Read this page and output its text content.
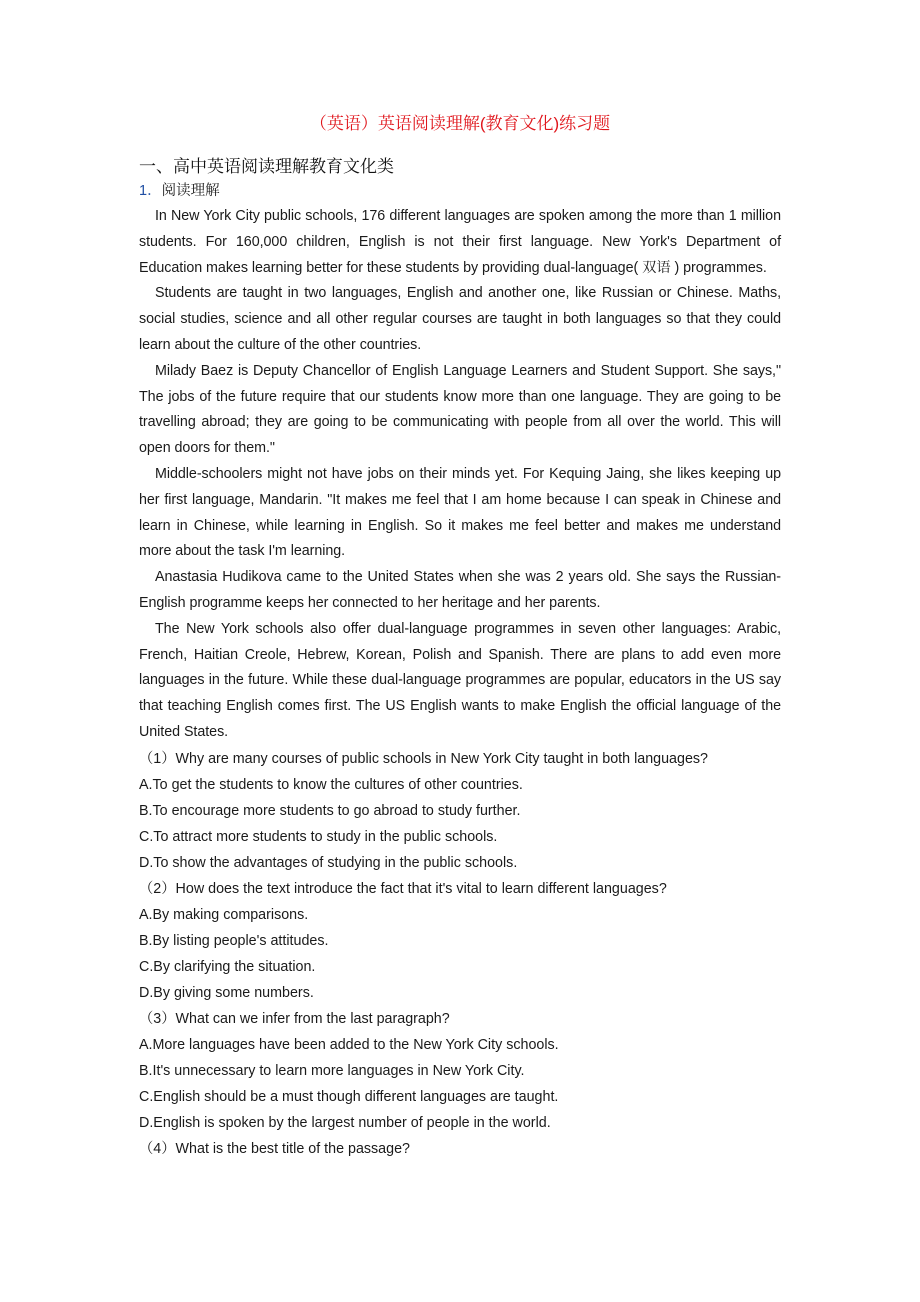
（英语）英语阅读理解(教育文化)练习题
一、高中英语阅读理解教育文化类

1．阅读理解

In New York City public schools, 176 different languages are spoken among the more than 1 million students. For 160,000 children, English is not their first language. New York's Department of Education makes learning better for these students by providing dual-language( 双语 ) programmes.

Students are taught in two languages, English and another one, like Russian or Chinese. Maths, social studies, science and all other regular courses are taught in both languages so that they could learn about the culture of the other countries.

Milady Baez is Deputy Chancellor of English Language Learners and Student Support. She says," The jobs of the future require that our students know more than one language. They are going to be travelling abroad; they are going to be communicating with people from all over the world. This will open doors for them."

Middle-schoolers might not have jobs on their minds yet. For Kequing Jaing, she likes keeping up her first language, Mandarin. "It makes me feel that I am home because I can speak in Chinese and learn in Chinese, while learning in English. So it makes me feel better and makes me understand more about the task I'm learning.

Anastasia Hudikova came to the United States when she was 2 years old. She says the Russian-English programme keeps her connected to her heritage and her parents.

The New York schools also offer dual-language programmes in seven other languages: Arabic, French, Haitian Creole, Hebrew, Korean, Polish and Spanish. There are plans to add even more languages in the future. While these dual-language programmes are popular, educators in the US say that teaching English comes first. The US English wants to make English the official language of the United States.

（1）Why are many courses of public schools in New York City taught in both languages?

A.To get the students to know the cultures of other countries.

B.To encourage more students to go abroad to study further.

C.To attract more students to study in the public schools.

D.To show the advantages of studying in the public schools.

（2）How does the text introduce the fact that it's vital to learn different languages?

A.By making comparisons.

B.By listing people's attitudes.

C.By clarifying the situation.

D.By giving some numbers.

（3）What can we infer from the last paragraph?

A.More languages have been added to the New York City schools.

B.It's unnecessary to learn more languages in New York City.

C.English should be a must though different languages are taught.

D.English is spoken by the largest number of people in the world.

（4）What is the best title of the passage?
